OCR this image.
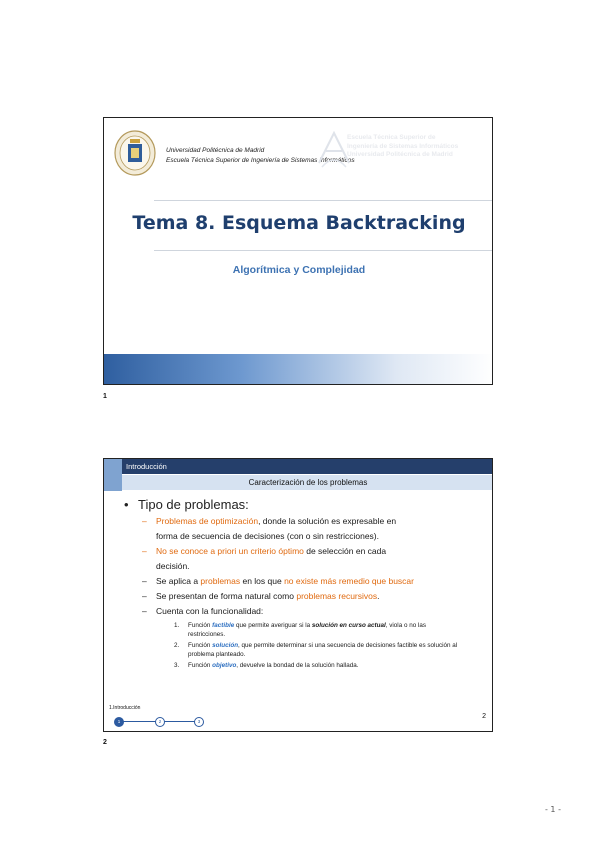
Universidad Politécnica de Madrid
Escuela Técnica Superior de Ingeniería de Sistemas Informáticos
Escuela Técnica Superior de
Ingeniería de Sistemas Informáticos
Universidad Politécnica de Madrid
Tema 8. Esquema Backtracking
Algorítmica y Complejidad
1
Introducción
Caracterización de los problemas
• Tipo de problemas:
– Problemas de optimización, donde la solución es expresable en
forma de secuencia de decisiones (con o sin restricciones).
– No se conoce a priori un criterio óptimo de selección en cada
decisión.
– Se aplica a problemas en los que no existe más remedio que buscar
– Se presentan de forma natural como problemas recursivos.
– Cuenta con la funcionalidad:
1. Función factible que permite averiguar si la solución en curso actual, viola o no las restricciones.
2. Función solución, que permite determinar si una secuencia de decisiones factible es solución al problema planteado.
3. Función objetivo, devuelve la bondad de la solución hallada.
1.Introducción
1	2	3
2
2
- 1 -
